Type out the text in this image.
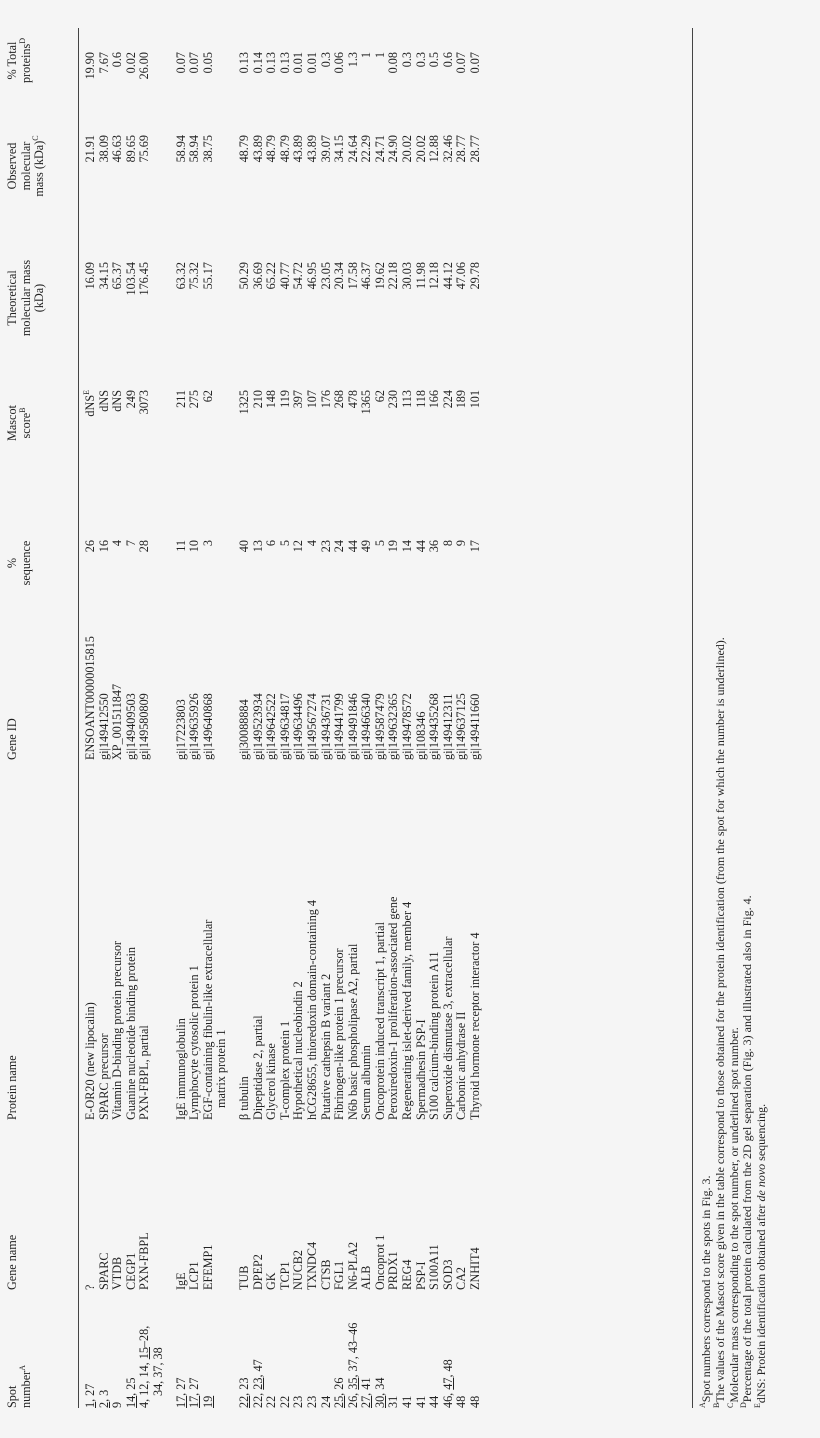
Spot number$^A$
Gene name
Protein name
Gene ID
% sequence
Mascot score$^B$
Theoretical molecular mass (kDa)
Observed molecular mass (kDa)$^C$
% Total proteins$^D$
1, 27
?
E-OR20 (new lipocalin)
ENSOANT00000015815
26
16.09
21.91
19.90
dNS$^E$
2, 3
SPARC
SPARC precursor
gi|149412550
16
34.15
38.09
7.67
dNS
9
VTDB
Vitamin D-binding protein precursor
XP_001511847
4
65.37
46.63
0.6
dNS
14, 25
CEGP1
Guanine nucleotide binding protein
gi|149409503
7
103.54
89.65
0.02
249
4, 12, 14, 15–28,
PXN-FBPL
PXN-FBPL, partial
gi|149580809
28
176.45
75.69
26.00
3073
34, 37, 38
17, 27
IgE
IgE immunoglobulin
gi|17223803
11
63.32
58.94
0.07
211
17, 27
LCP1
Lymphocyte cytosolic protein 1
gi|149635926
10
75.32
58.94
0.07
275
19
EFEMP1
EGF-containing fibulin-like extracellular
gi|149640868
3
55.17
38.75
0.05
62
matrix protein 1
22, 23
TUB
β tubulin
gi|30088884
40
50.29
48.79
0.13
1325
22, 23, 47
DPEP2
Dipeptidase 2, partial
gi|149523934
13
36.69
43.89
0.14
210
22
GK
Glycerol kinase
gi|149642522
6
65.22
48.79
0.13
148
22
TCP1
T-complex protein 1
gi|149634817
5
40.77
48.79
0.13
119
23
NUCB2
Hypothetical nucleobindin 2
gi|149634496
12
54.72
43.89
0.01
397
23
TXNDC4
hCG28655, thioredoxin domain-containing 4
gi|149567274
4
46.95
43.89
0.01
107
24
CTSB
Putative cathepsin B variant 2
gi|149436731
23
23.05
39.07
0.3
176
25, 26
FGL1
Fibrinogen-like protein 1 precursor
gi|149441799
24
20.34
34.15
0.06
268
26, 35, 37, 43–46
N6-PLA2
N6b basic phospholipase A2, partial
gi|149491846
44
17.58
24.64
1.3
478
27, 41
ALB
Serum albumin
gi|149466340
49
46.37
22.29
1
1365
30, 34
Oncoprot 1
Oncoprotein induced transcript 1, partial
gi|149587479
5
19.62
24.71
1
62
31
PRDX1
Peroxiredoxin-1 proliferation-associated gene
gi|149632365
19
22.18
24.90
0.08
230
41
REG4
Regenerating islet-derived family, member 4
gi|149478572
14
30.03
20.02
0.3
113
41
PSP-I
Spermadhesin PSP-I
gi|108346
44
11.98
20.02
0.3
118
44
S100A11
S100 calcium-binding protein A11
gi|149435268
36
12.18
12.88
0.5
166
46, 47, 48
SOD3
Superoxide dismutase 3, extracellular
gi|149412311
8
44.12
32.46
0.6
224
48
CA2
Carbonic anhydrase II
gi|149637125
9
47.06
28.77
0.07
189
48
ZNHIT4
Thyroid hormone receptor interactor 4
gi|149411660
17
29.78
28.77
0.07
101
$^A$Spot numbers correspond to the spots in Fig. 3.
$^B$The values of the Mascot score given in the table correspond to those obtained for the protein identification (from the spot for which the number is underlined).
$^C$Molecular mass corresponding to the spot number, or underlined spot number.
$^D$Percentage of the total protein calculated from the 2D gel separation (Fig. 3) and illustrated also in Fig. 4.
$^E$dNS: Protein identification obtained after de novo sequencing.
